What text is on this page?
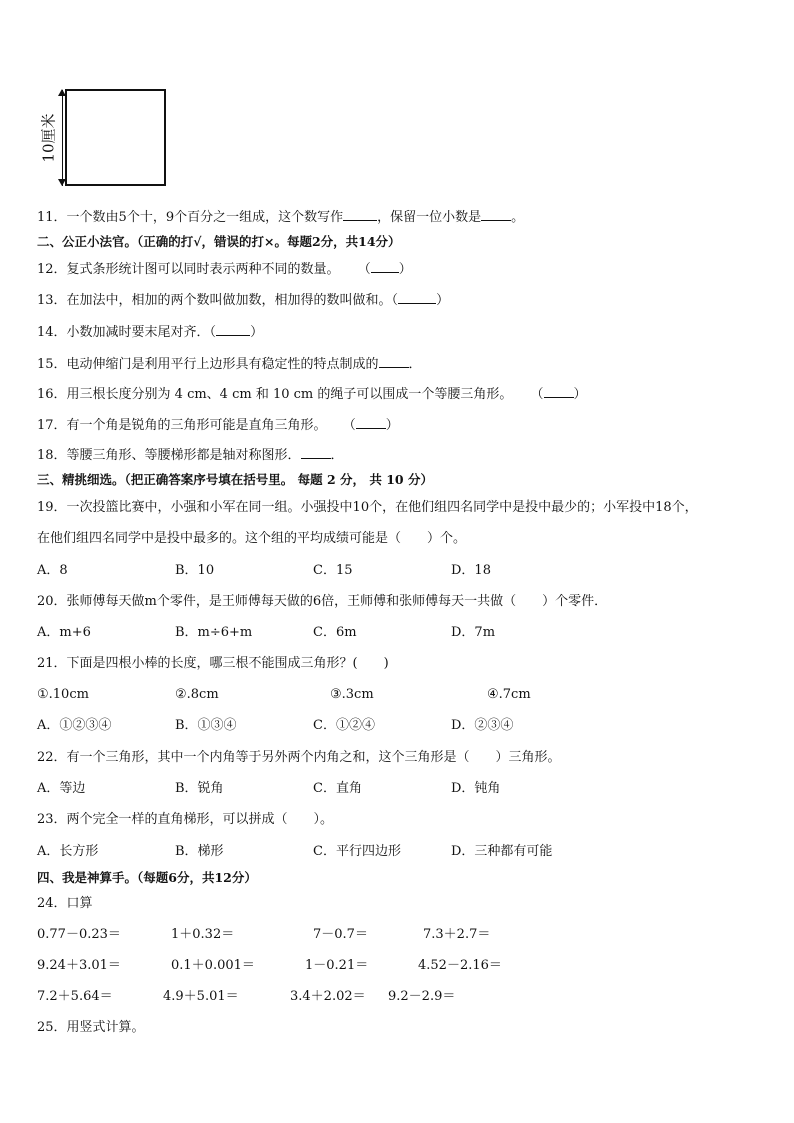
10厘米
11．一个数由5个十，9个百分之一组成，这个数写作	，保留一位小数是 。
二、公正小法官。（正确的打√，错误的打×。每题2分，共14分）
12．复式条形统计图可以同时表示两种不同的数量。 （ ）
13．在加法中，相加的两个数叫做加数，相加得的数叫做和。（	）
14．小数加减时要末尾对齐．（	）
15．电动伸缩门是利用平行上边形具有稳定性的特点制成的 ．
16．用三根长度分别为 4 cm、4 cm 和 10 cm 的绳子可以围成一个等腰三角形。 （ ）
17．有一个角是锐角的三角形可能是直角三角形。 （ ）
18．等腰三角形、等腰梯形都是轴对称图形． ．
三、精挑细选。（把正确答案序号填在括号里。 每题 2 分， 共 10 分）
19．一次投篮比赛中，小强和小军在同一组。小强投中10个，在他们组四名同学中是投中最少的；小军投中18个，
在他们组四名同学中是投中最多的。这个组的平均成绩可能是（　　）个。
A．8	B．10	C．15	D．18
20．张师傅每天做m个零件，是王师傅每天做的6倍，王师傅和张师傅每天一共做（　　）个零件．
A．m+6	B．m÷6+m	C．6m	D．7m
21．下面是四根小棒的长度，哪三根不能围成三角形？(　　)
①.10cm	②.8cm	③.3cm	④.7cm
A．①②③④	B．①③④	C．①②④	D．②③④
22．有一个三角形，其中一个内角等于另外两个内角之和，这个三角形是（　　）三角形。
A．等边	B．锐角	C．直角	D．钝角
23．两个完全一样的直角梯形，可以拼成（　　）。
A．长方形	B．梯形	C．平行四边形	D．三种都有可能
四、我是神算手。（每题6分，共12分）
24．口算
0.77－0.23＝	1＋0.32＝	7－0.7＝	7.3＋2.7＝
9.24＋3.01＝	0.1＋0.001＝	1－0.21＝	4.52－2.16＝
7.2＋5.64＝	4.9＋5.01＝	3.4＋2.02＝ 9.2－2.9＝
25．用竖式计算。
